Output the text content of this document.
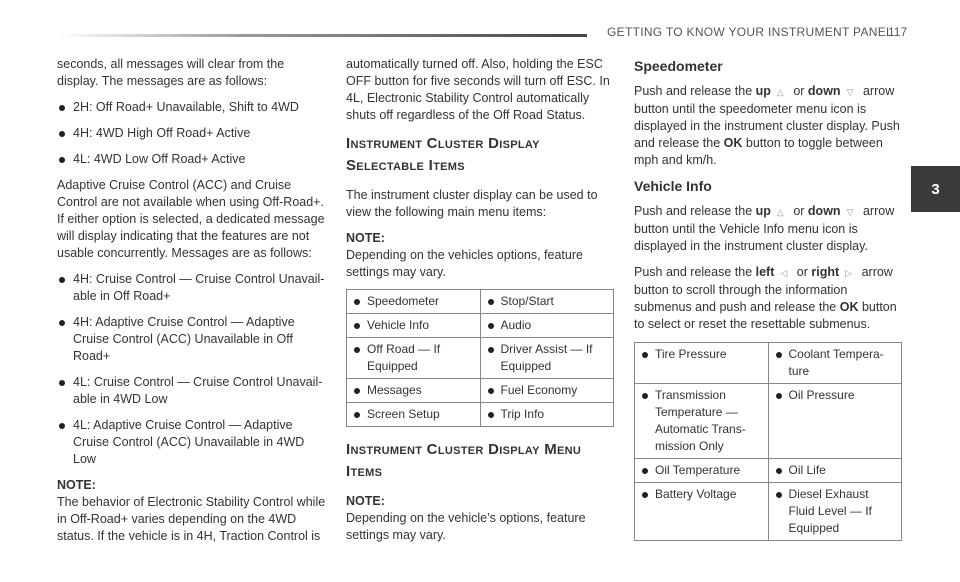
GETTING TO KNOW YOUR INSTRUMENT PANEL
117
3

seconds, all messages will clear from the display. The messages are as follows:

2H: Off Road+ Unavailable, Shift to 4WD
4H: 4WD High Off Road+ Active
4L: 4WD Low Off Road+ Active

Adaptive Cruise Control (ACC) and Cruise Control are not available when using Off-Road+. If either option is selected, a dedicated message will display indicating that the features are not usable concurrently. Messages are as follows:

4H: Cruise Control — Cruise Control Unavail-able in Off Road+
4H: Adaptive Cruise Control — Adaptive Cruise Control (ACC) Unavailable in Off Road+
4L: Cruise Control — Cruise Control Unavail-able in 4WD Low
4L: Adaptive Cruise Control — Adaptive Cruise Control (ACC) Unavailable in 4WD Low
NOTE:
The behavior of Electronic Stability Control while in Off-Road+ varies depending on the 4WD status. If the vehicle is in 4H, Traction Control is

automatically turned off. Also, holding the ESC OFF button for five seconds will turn off ESC. In 4L, Electronic Stability Control automatically shuts off regardless of the Off Road Status.

Instrument Cluster Display Selectable Items

The instrument cluster display can be used to view the following main menu items:

NOTE:
Depending on the vehicles options, feature settings may vary.
Speedometer	Stop/Start

Vehicle Info	Audio

Off Road — If Equipped	Driver Assist — If Equipped

Messages	Fuel Economy

Screen Setup	Trip Info
Instrument Cluster Display Menu Items
NOTE:
Depending on the vehicle’s options, feature settings may vary.
Speedometer

Push and release the up △ or down ▽ arrow button until the speedometer menu icon is displayed in the instrument cluster display. Push and release the OK button to toggle between mph and km/h.

Vehicle Info

Push and release the up △ or down ▽ arrow button until the Vehicle Info menu icon is displayed in the instrument cluster display.

Push and release the left ◁ or right ▷ arrow button to scroll through the information submenus and push and release the OK button to select or reset the resettable submenus.

Tire Pressure	Coolant Tempera-ture

Transmission Temperature — Automatic Trans-mission Only	Oil Pressure

Oil Temperature	Oil Life

Battery Voltage	Diesel Exhaust Fluid Level — If Equipped
